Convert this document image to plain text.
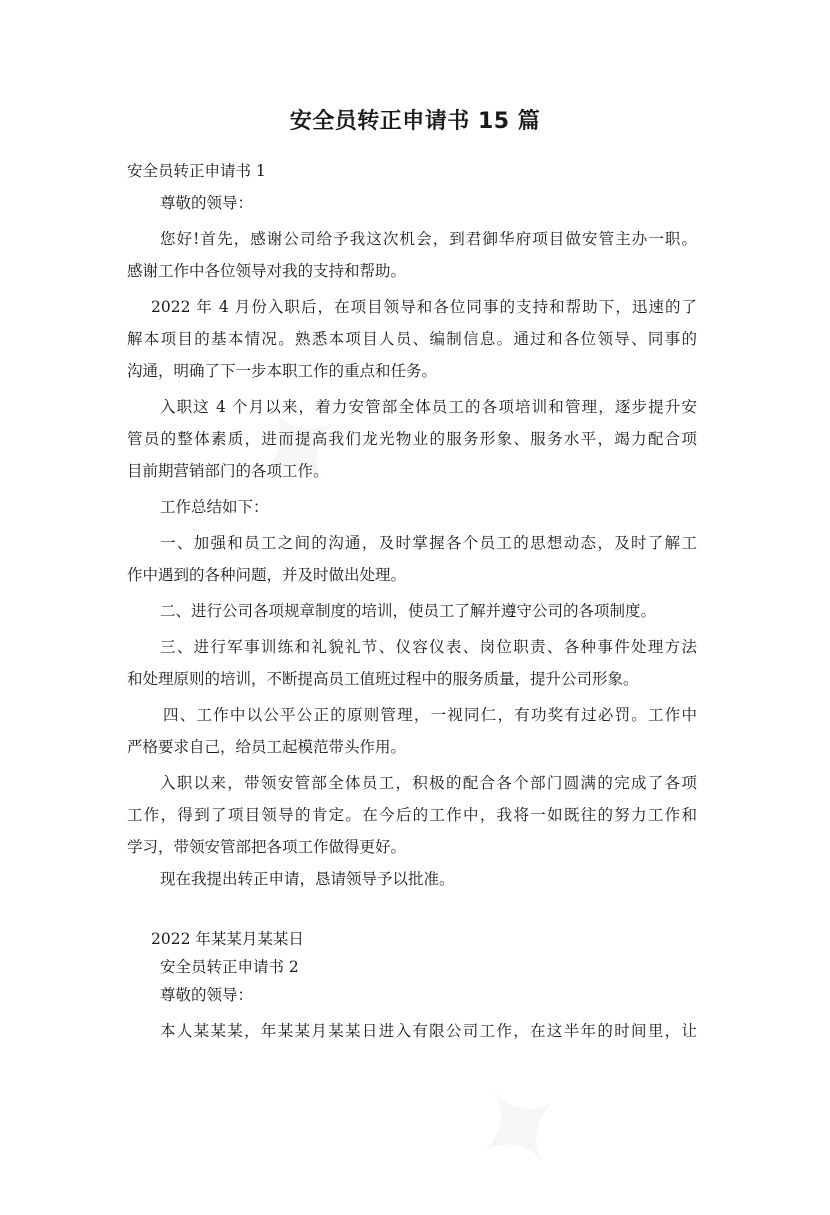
安全员转正申请书 15 篇
安全员转正申请书 1
尊敬的领导：
您好!首先，感谢公司给予我这次机会，到君御华府项目做安管主办一职。
感谢工作中各位领导对我的支持和帮助。
2022 年 4 月份入职后，在项目领导和各位同事的支持和帮助下，迅速的了
解本项目的基本情况。熟悉本项目人员、编制信息。通过和各位领导、同事的
沟通，明确了下一步本职工作的重点和任务。
入职这 4 个月以来，着力安管部全体员工的各项培训和管理，逐步提升安
管员的整体素质，进而提高我们龙光物业的服务形象、服务水平，竭力配合项
目前期营销部门的各项工作。
工作总结如下：
一、加强和员工之间的沟通，及时掌握各个员工的思想动态，及时了解工
作中遇到的各种问题，并及时做出处理。
二、进行公司各项规章制度的培训，使员工了解并遵守公司的各项制度。
三、进行军事训练和礼貌礼节、仪容仪表、岗位职责、各种事件处理方法
和处理原则的培训，不断提高员工值班过程中的服务质量，提升公司形象。
四、工作中以公平公正的原则管理，一视同仁，有功奖有过必罚。工作中
严格要求自己，给员工起模范带头作用。
入职以来，带领安管部全体员工，积极的配合各个部门圆满的完成了各项
工作，得到了项目领导的肯定。在今后的工作中，我将一如既往的努力工作和
学习，带领安管部把各项工作做得更好。
现在我提出转正申请，恳请领导予以批准。
2022 年某某月某某日
安全员转正申请书 2
尊敬的领导：
本人某某某，年某某月某某日进入有限公司工作，在这半年的时间里，让
